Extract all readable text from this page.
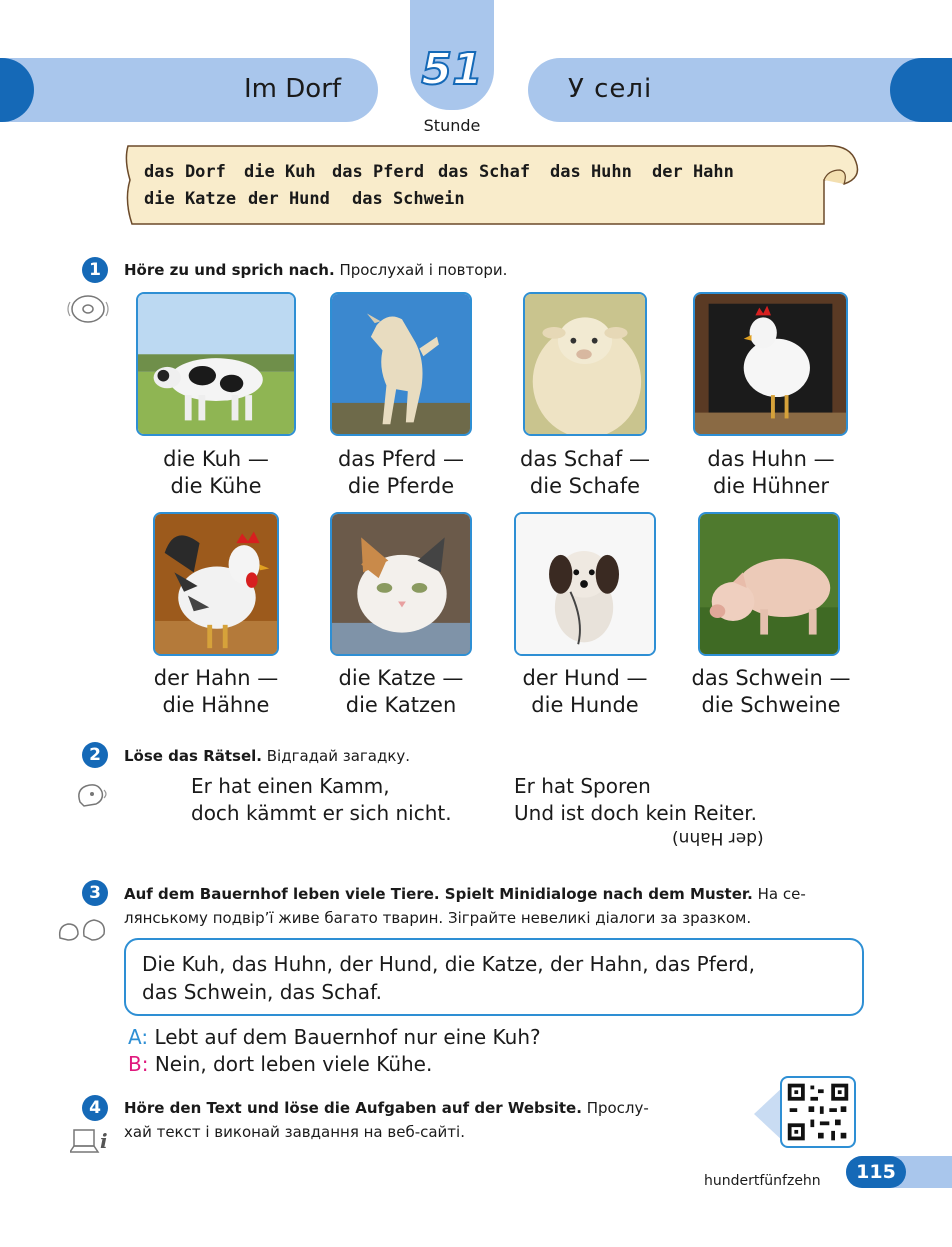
Im Dorf	У селі
51
Stunde
das Dorf die Kuh das Pferd das Schaf das Huhn der Hahn
die Katze der Hund das Schwein
1	Höre zu und sprich nach. Прослухай і повтори.
die Kuh —
die Kühe
das Pferd —
die Pferde
das Schaf —
die Schafe
das Huhn —
die Hühner
der Hahn —
die Hähne
die Katze —
die Katzen
der Hund —
die Hunde
das Schwein —
die Schweine
2	Löse das Rätsel. Відгадай загадку.
Er hat einen Kamm,
doch kämmt er sich nicht.
Er hat Sporen
Und ist doch kein Reiter.
(der Hahn)
3	Auf dem Bauernhof leben viele Tiere. Spielt Minidialoge nach dem Muster. На се-
лянському подвір’ї живе багато тварин. Зіграйте невеликі діалоги за зразком.
Die Kuh, das Huhn, der Hund, die Katze, der Hahn, das Pferd,
das Schwein, das Schaf.
A: Lebt auf dem Bauernhof nur eine Kuh?
B: Nein, dort leben viele Kühe.
4	Höre den Text und löse die Aufgaben auf der Website. Прослу-
хай текст і виконай завдання на веб-сайті.
i
hundertfünfzehn	115
